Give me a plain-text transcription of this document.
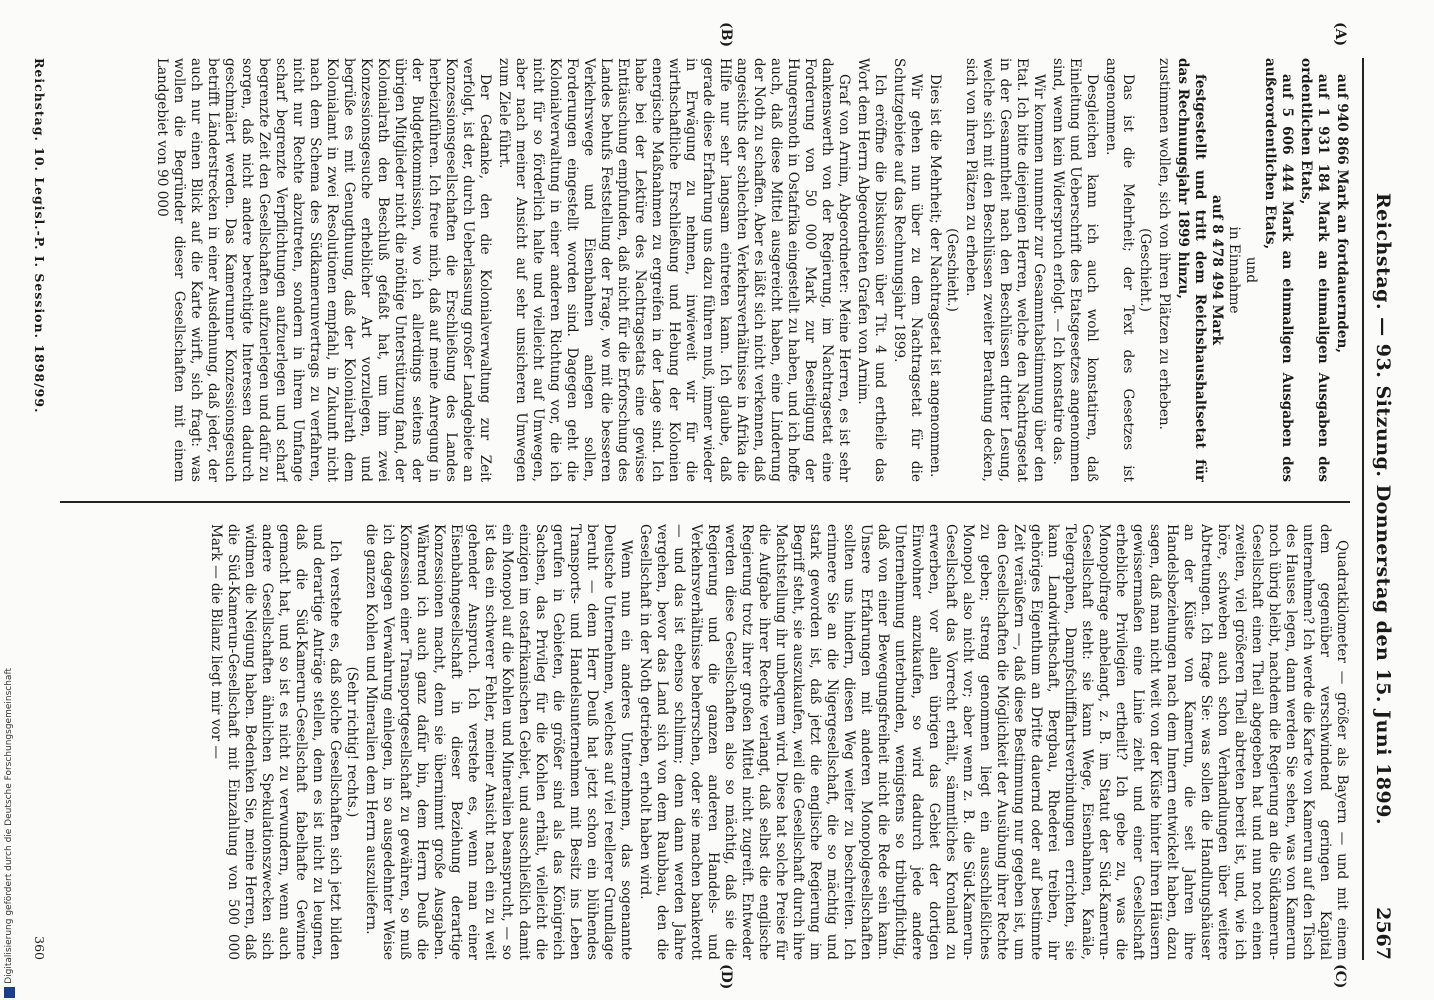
Reichstag. — 93. Sitzung. Donnerstag den 15. Juni 1899.
2567
(A)
(B)
(C)
(D)

auf 940 866 Mark an fortdauernden,

auf 1 931 184 Mark an einmaligen Ausgaben des ordentlichen Etats,

auf 5 606 444 Mark an einmaligen Ausgaben des außerordentlichen Etats,

und

in Einnahme

auf 8 478 494 Mark

festgestellt und tritt dem Reichshaushaltsetat für das Rechnungsjahr 1899 hinzu,

zustimmen wollen, sich von ihren Plätzen zu erheben.

(Geschieht.)

Das ist die Mehrheit; der Text des Gesetzes ist angenommen.

Desgleichen kann ich auch wohl konstatiren, daß Einleitung und Ueberschrift des Etatsgesetzes angenommen sind, wenn kein Widerspruch erfolgt. — Ich konstatire das.

Wir kommen nunmehr zur Gesammtabstimmung über den Etat. Ich bitte diejenigen Herren, welche den Nachtragsetat in der Gesammtheit nach den Beschlüssen dritter Lesung, welche sich mit den Beschlüssen zweiter Berathung decken, sich von ihren Plätzen zu erheben.

(Geschieht.)

Dies ist die Mehrheit; der Nachtragsetat ist angenommen.

Wir gehen nun über zu dem Nachtragsetat für die Schutzgebiete auf das Rechnungsjahr 1899.

Ich eröffne die Diskussion über Tit. 4 und ertheile das Wort dem Herrn Abgeordneten Grafen von Arnim.

Graf von Arnim, Abgeordneter: Meine Herren, es ist sehr dankenswerth von der Regierung, im Nachtragsetat eine Forderung von 50 000 Mark zur Beseitigung der Hungersnoth in Ostafrika eingestellt zu haben, und ich hoffe auch, daß diese Mittel ausgereicht haben, eine Linderung der Noth zu schaffen. Aber es läßt sich nicht verkennen, daß angesichts der schlechten Verkehrsverhältnisse in Afrika die Hilfe nur sehr langsam eintreten kann. Ich glaube, daß gerade diese Erfahrung uns dazu führen muß, immer wieder in Erwägung zu nehmen, inwieweit wir für die wirthschaftliche Erschließung und Hebung der Kolonien energische Maßnahmen zu ergreifen in der Lage sind. Ich habe bei der Lektüre des Nachtragsetats eine gewisse Enttäuschung empfunden, daß nicht für die Erforschung des Landes behufs Feststellung der Frage, wo mit die besseren Verkehrswege und Eisenbahnen anlegen sollen, Forderungen eingestellt worden sind. Dagegen geht die Kolonialverwaltung in einer anderen Richtung vor, die ich nicht für so förderlich halte und vielleicht auf Umwegen, aber nach meiner Ansicht auf sehr unsicheren Umwegen zum Ziele führt.

Der Gedanke, den die Kolonialverwaltung zur Zeit verfolgt, ist der, durch Ueberlassung großer Landgebiete an Konzessionsgesellschaften die Erschließung des Landes herbeizuführen. Ich freue mich, daß auf meine Anregung in der Budgetkommission, wo ich allerdings seitens der übrigen Mitglieder nicht die nöthige Unterstützung fand, der Kolonialrath den Beschluß gefaßt hat, um ihm zwei Konzessionsgesuche erheblicher Art vorzulegen, und begrüße es mit Genugthuung, daß der Kolonialrath dem Kolonialamt in zwei Resolutionen empfahl, in Zukunft nicht nach dem Schema des Südkamerunvertrags zu verfahren, nicht nur Rechte abzutreten, sondern in ihrem Umfange scharf begrenzte Verpflichtungen aufzuerlegen und scharf begrenzte Zeit den Gesellschaften aufzuerlegen und dafür zu sorgen, daß nicht andere berechtigte Interessen dadurch geschmälert werden. Das Kamerunner Konzessionsgesuch betrifft Länderstrecken in einer Ausdehnung, daß jeder, der auch nur einen Blick auf die Karte wirft, sich fragt: was wollen die Begründer dieser Gesellschaften mit einem Landgebiet von 90 000

Quadratkilometer — größer als Bayern — und mit einem dem gegenüber verschwindend geringen Kapital unternehmen? Ich werde die Karte von Kamerun auf den Tisch des Hauses legen, dann werden Sie sehen, was von Kamerun noch übrig bleibt, nachdem die Regierung an die Südkamerun-Gesellschaft einen Theil abgegeben hat und nun noch einen zweiten, viel größeren Theil abtreten bereit ist, und, wie ich höre, schweben auch schon Verhandlungen über weitere Abtretungen. Ich frage Sie: was sollen die Handlungshäuser an der Küste von Kamerun, die seit Jahren ihre Handelsbeziehungen nach dem Innern entwickelt haben, dazu sagen, daß man nicht weit von der Küste hinter ihren Häusern gewissermaßen eine Linie zieht und einer Gesellschaft erhebliche Privilegien ertheilt? Ich gebe zu, was die Monopolfrage anbelangt, z. B. im Statut der Süd-Kamerun-Gesellschaft steht: sie kann Wege, Eisenbahnen, Kanäle, Telegraphen, Dampfschifffahrtsverbindungen errichten, sie kann Landwirthschaft, Bergbau, Rhederei treiben, ihr gehöriges Eigenthum an Dritte dauernd oder auf bestimmte Zeit veräußern —, daß diese Bestimmung nur gegeben ist, um den Gesellschaften die Möglichkeit der Ausübung ihrer Rechte zu geben; streng genommen liegt ein ausschließliches Monopol also nicht vor; aber wenn z. B. die Süd-Kamerun-Gesellschaft das Vorrecht erhält, sämmtliches Kronland zu erwerben, vor allen übrigen das Gebiet der dortigen Einwohner anzukaufen, so wird dadurch jede andere Unternehmung unterbunden, wenigstens so tributpflichtig, daß von einer Bewegungsfreiheit nicht die Rede sein kann. Unsere Erfahrungen mit anderen Monopolgesellschaften sollten uns hindern, diesen Weg weiter zu beschreiten. Ich erinnere Sie an die Nigergesellschaft, die so mächtig und stark geworden ist, daß jetzt die englische Regierung im Begriff steht, sie auszukaufen, weil die Gesellschaft durch ihre Machtstellung ihr unbequem wird. Diese hat solche Preise für die Aufgabe ihrer Rechte verlangt, daß selbst die englische Regierung trotz ihrer großen Mittel nicht zugreift. Entweder werden diese Gesellschaften also so mächtig, daß sie die Regierung und die ganzen anderen Handels- und Verkehrsverhältnisse beherrschen, oder sie machen bankerott — und das ist ebenso schlimm; denn dann werden Jahre vergehen, bevor das Land sich von dem Raubbau, den die Gesellschaft in der Noth getrieben, erholt haben wird.

Wenn nun ein anderes Unternehmen, das sogenannte Deutsche Unternehmen, welches auf viel reellerer Grundlage beruht — denn Herr Deuß hat jetzt schon ein blühendes Transports- und Handelsunternehmen mit Besitz ins Leben gerufen in Gebieten, die größer sind als das Königreich Sachsen, das Privileg für die Kohlen erhält, vielleicht die einzigen im ostafrikanischen Gebiet, und ausschließlich damit ein Monopol auf die Kohlen und Mineralien beansprucht, — so ist das ein schwerer Fehler, meiner Ansicht nach ein zu weit gehender Anspruch. Ich verstehe es, wenn man einer Eisenbahngesellschaft in dieser Beziehung derartige Konzessionen macht, denn sie übernimmt große Ausgaben. Während ich auch ganz dafür bin, dem Herrn Deuß die Konzession einer Transportgesellschaft zu gewähren, so muß ich dagegen Verwahrung einlegen, in so ausgedehnter Weise die ganzen Kohlen und Mineralien dem Herrn auszuliefern.

(Sehr richtig! rechts.)

Ich verstehe es, daß solche Gesellschaften sich jetzt bilden und derartige Anträge stellen, denn es ist nicht zu leugnen, daß die Süd-Kamerun-Gesellschaft fabelhafte Gewinne gemacht hat, und so ist es nicht zu verwundern, wenn auch andere Gesellschaften ähnlichen Spekulationszwecken sich widmen die Neigung haben. Bedenken Sie, meine Herren, daß die Süd-Kamerun-Gesellschaft mit Einzahlung von 500 000 Mark — die Bilanz liegt mir vor —

Reichstag. 10. Legisl.-P. I. Session. 1898/99.
360
Digitalisierung gefördert durch die Deutsche Forschungsgemeinschaft
